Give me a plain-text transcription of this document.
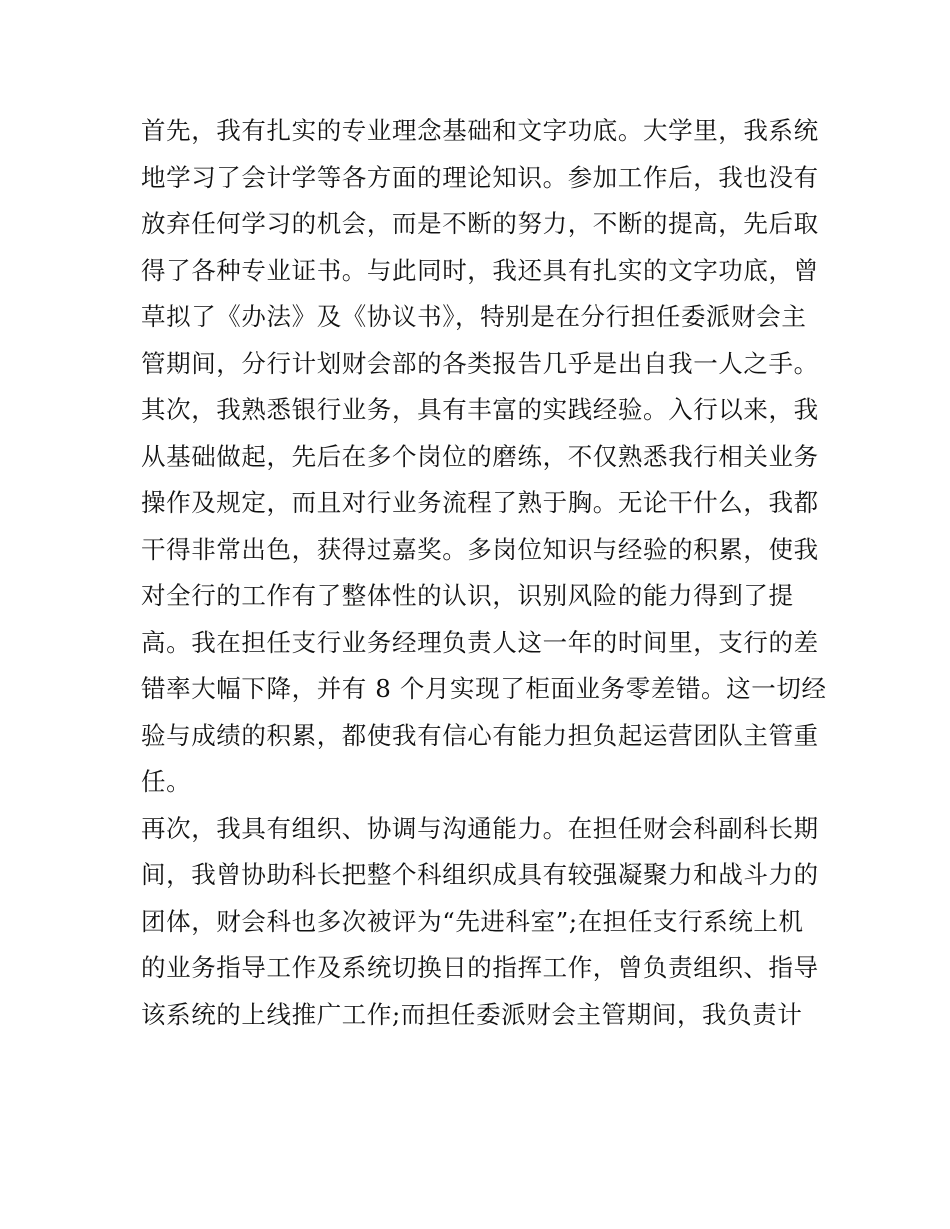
首先，我有扎实的专业理念基础和文字功底。大学里，我系统
地学习了会计学等各方面的理论知识。参加工作后，我也没有
放弃任何学习的机会，而是不断的努力，不断的提高，先后取
得了各种专业证书。与此同时，我还具有扎实的文字功底，曾
草拟了《办法》及《协议书》，特别是在分行担任委派财会主
管期间，分行计划财会部的各类报告几乎是出自我一人之手。
其次，我熟悉银行业务，具有丰富的实践经验。入行以来，我
从基础做起，先后在多个岗位的磨练，不仅熟悉我行相关业务
操作及规定，而且对行业务流程了熟于胸。无论干什么，我都
干得非常出色，获得过嘉奖。多岗位知识与经验的积累，使我
对全行的工作有了整体性的认识，识别风险的能力得到了提
高。我在担任支行业务经理负责人这一年的时间里，支行的差
错率大幅下降，并有 8 个月实现了柜面业务零差错。这一切经
验与成绩的积累，都使我有信心有能力担负起运营团队主管重
任。
再次，我具有组织、协调与沟通能力。在担任财会科副科长期
间，我曾协助科长把整个科组织成具有较强凝聚力和战斗力的
团体，财会科也多次被评为“先进科室”;在担任支行系统上机
的业务指导工作及系统切换日的指挥工作，曾负责组织、指导
该系统的上线推广工作;而担任委派财会主管期间，我负责计
